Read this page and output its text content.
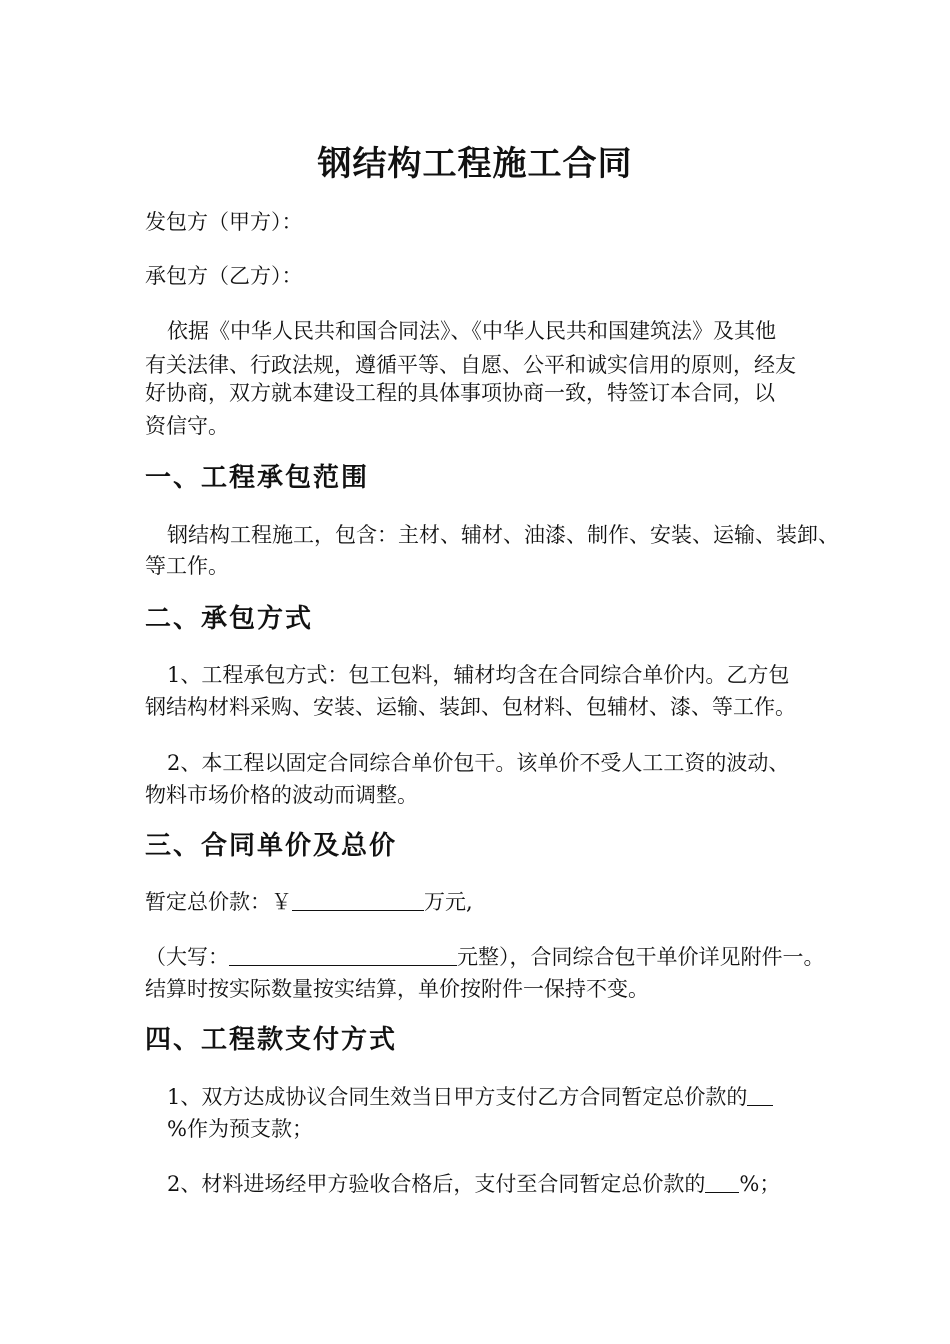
钢结构工程施工合同
发包方（甲方）：
承包方（乙方）：
依据《中华人民共和国合同法》、《中华人民共和国建筑法》及其他
有关法律、行政法规，遵循平等、自愿、公平和诚实信用的原则，经友
好协商，双方就本建设工程的具体事项协商一致，特签订本合同，以
资信守。
一、工程承包范围
钢结构工程施工，包含：主材、辅材、油漆、制作、安装、运输、装卸、
等工作。
二、承包方式
1、工程承包方式：包工包料，辅材均含在合同综合单价内。乙方包
钢结构材料采购、安装、运输、装卸、包材料、包辅材、漆、等工作。
2、本工程以固定合同综合单价包干。该单价不受人工工资的波动、
物料市场价格的波动而调整。
三、合同单价及总价
暂定总价款：￥	万元,
（大写：	元整），合同综合包干单价详见附件一。
结算时按实际数量按实结算，单价按附件一保持不变。
四、工程款支付方式
1、双方达成协议合同生效当日甲方支付乙方合同暂定总价款的
%作为预支款；
2、材料进场经甲方验收合格后，支付至合同暂定总价款的 %；
